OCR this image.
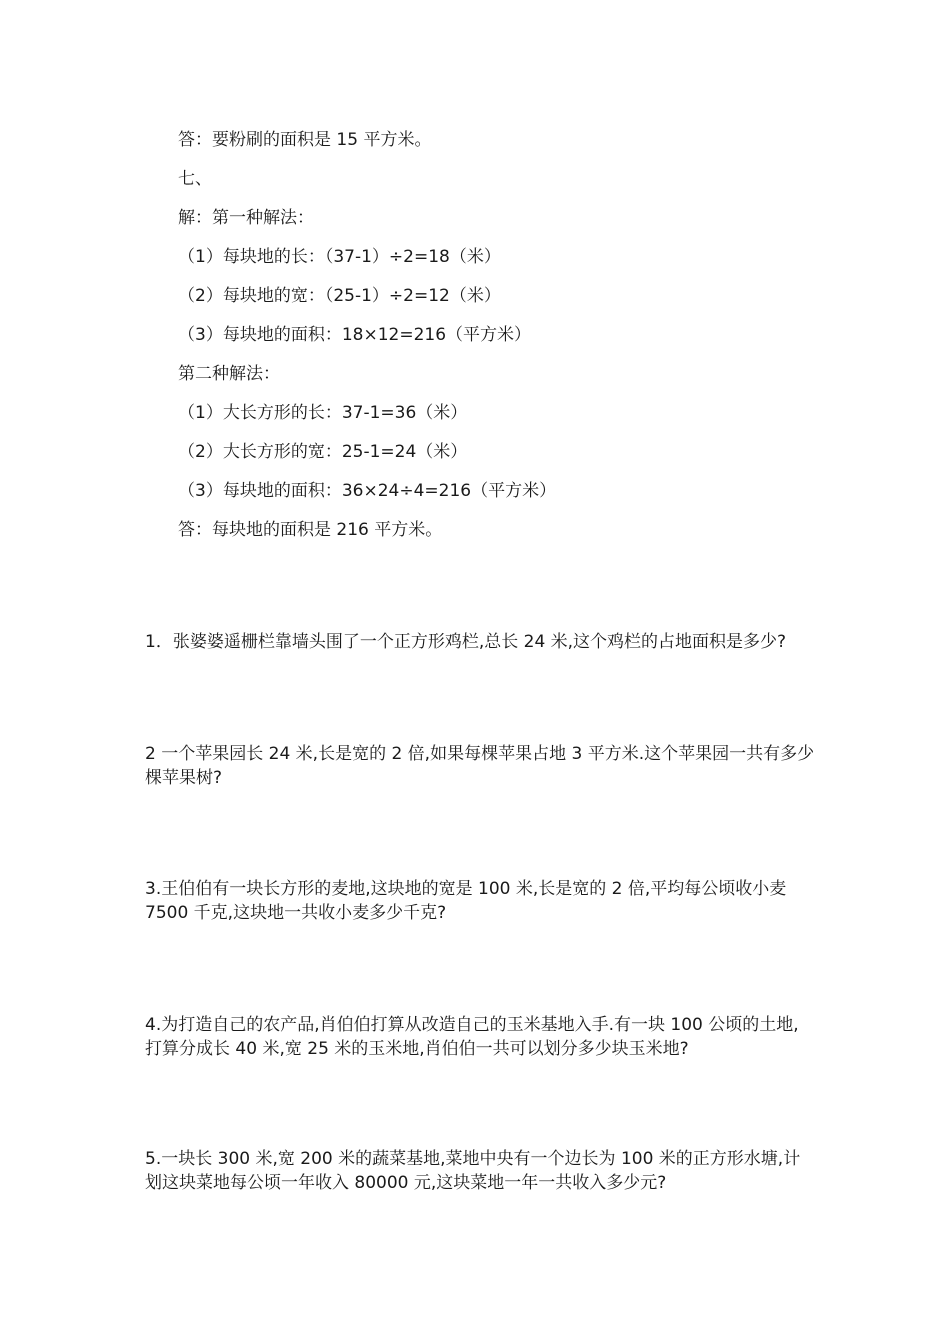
答：要粉刷的面积是 15 平方米。
七、
解：第一种解法：
（1）每块地的长：（37-1）÷2=18（米）
（2）每块地的宽：（25-1）÷2=12（米）
（3）每块地的面积：18×12=216（平方米）
第二种解法：
（1）大长方形的长：37-1=36（米）
（2）大长方形的宽：25-1=24（米）
（3）每块地的面积：36×24÷4=216（平方米）
答：每块地的面积是 216 平方米。
1．张婆婆遥栅栏靠墙头围了一个正方形鸡栏,总长 24 米,这个鸡栏的占地面积是多少?
2 一个苹果园长 24 米,长是宽的 2 倍,如果每棵苹果占地 3 平方米.这个苹果园一共有多少棵苹果树?
3.王伯伯有一块长方形的麦地,这块地的宽是 100 米,长是宽的 2 倍,平均每公顷收小麦 7500 千克,这块地一共收小麦多少千克?
4.为打造自己的农产品,肖伯伯打算从改造自己的玉米基地入手.有一块 100 公顷的土地,打算分成长 40 米,宽 25 米的玉米地,肖伯伯一共可以划分多少块玉米地?
5.一块长 300 米,宽 200 米的蔬菜基地,菜地中央有一个边长为 100 米的正方形水塘,计划这块菜地每公顷一年收入 80000 元,这块菜地一年一共收入多少元?
